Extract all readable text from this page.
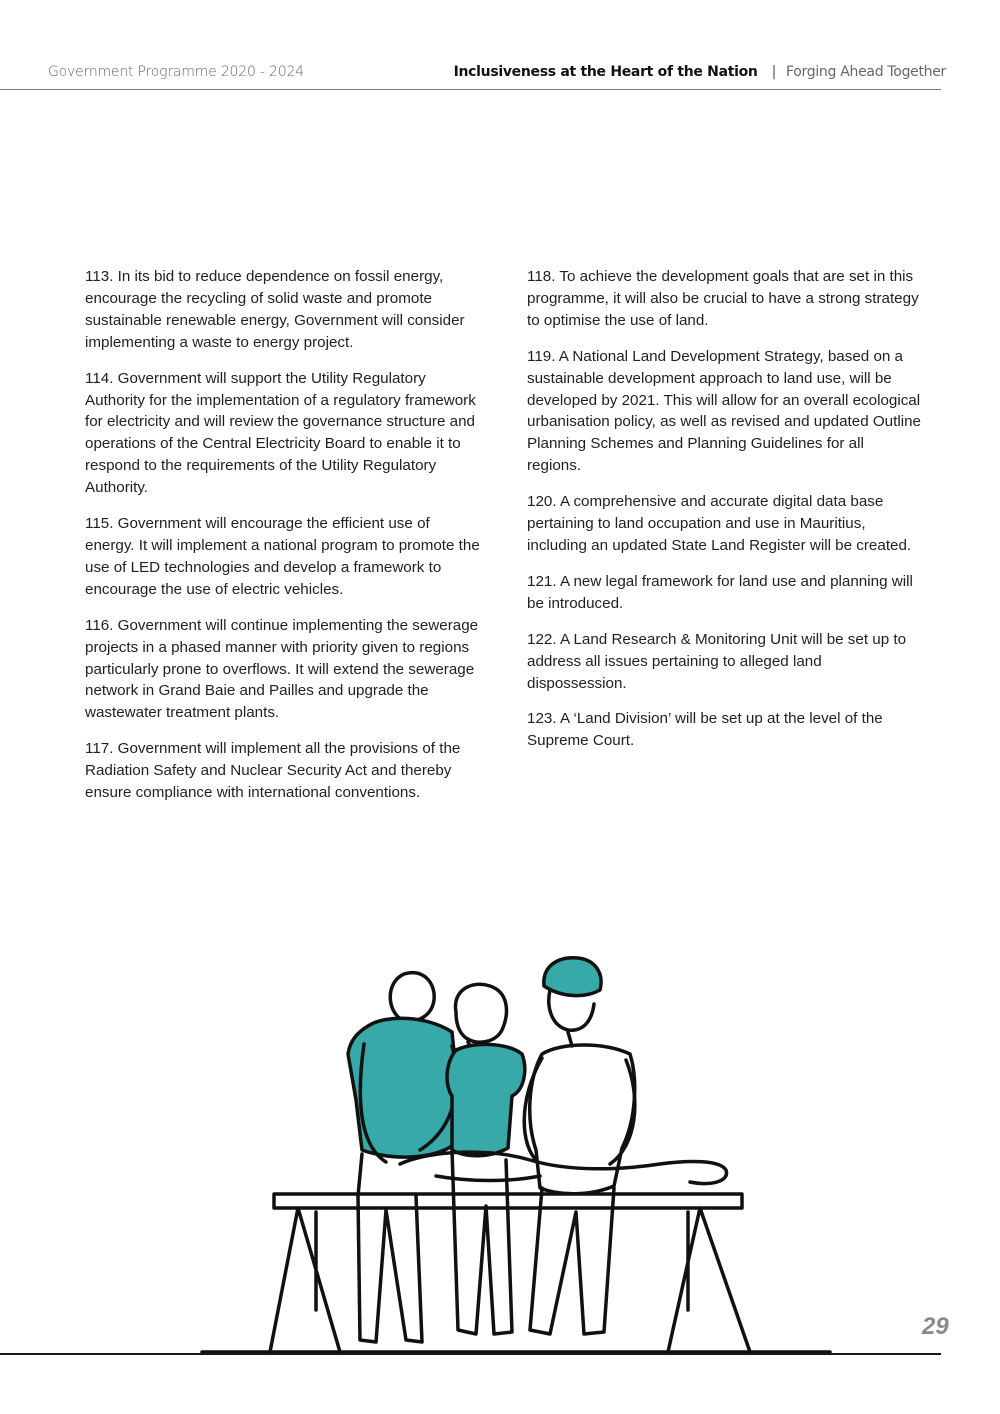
Government Programme 2020 - 2024	Inclusiveness at the Heart of the Nation | Forging Ahead Together

113. In its bid to reduce dependence on fossil energy, encourage the recycling of solid waste and promote sustainable renewable energy, Government will consider implementing a waste to energy project.

114. Government will support the Utility Regulatory Authority for the implementation of a regulatory framework for electricity and will review the governance structure and operations of the Central Electricity Board to enable it to respond to the requirements of the Utility Regulatory Authority.

115. Government will encourage the efficient use of energy. It will implement a national program to promote the use of LED technologies and develop a framework to encourage the use of electric vehicles.

116. Government will continue implementing the sewerage projects in a phased manner with priority given to regions particularly prone to overflows. It will extend the sewerage network in Grand Baie and Pailles and upgrade the wastewater treatment plants.

117. Government will implement all the provisions of the Radiation Safety and Nuclear Security Act and thereby ensure compliance with international conventions.

118. To achieve the development goals that are set in this programme, it will also be crucial to have a strong strategy to optimise the use of land.

119. A National Land Development Strategy, based on a sustainable development approach to land use, will be developed by 2021. This will allow for an overall ecological urbanisation policy, as well as revised and updated Outline Planning Schemes and Planning Guidelines for all regions.

120. A comprehensive and accurate digital data base pertaining to land occupation and use in Mauritius, including an updated State Land Register will be created.

121. A new legal framework for land use and planning will be introduced.

122. A Land Research & Monitoring Unit will be set up to address all issues pertaining to alleged land dispossession.

123. A ‘Land Division’ will be set up at the level of the Supreme Court.

29
